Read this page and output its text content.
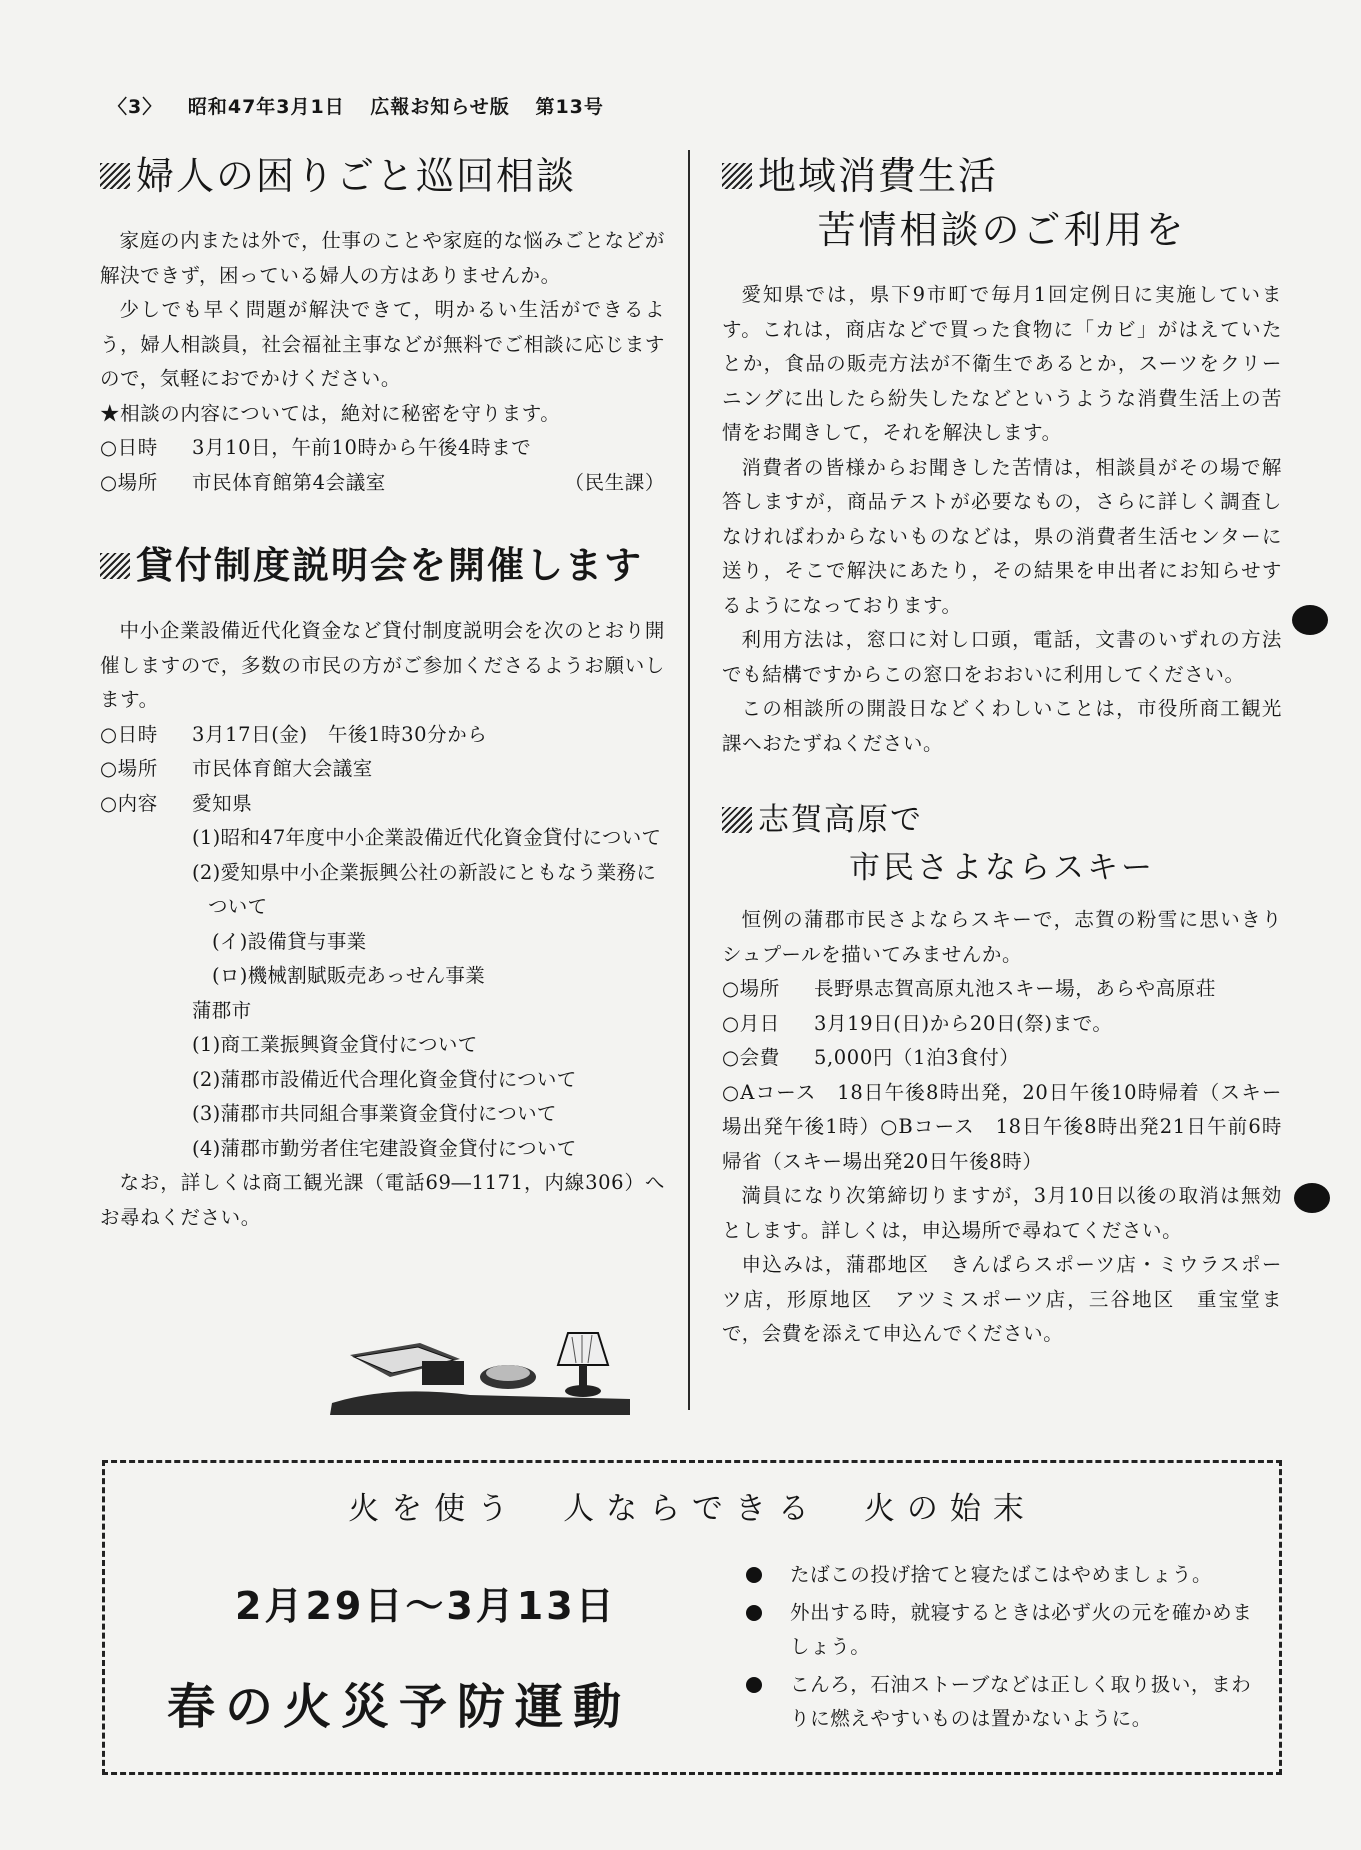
〈3〉 昭和47年3月1日 広報お知らせ版 第13号
婦人の困りごと巡回相談

家庭の内または外で，仕事のことや家庭的な悩みごとなどが解決できず，困っている婦人の方はありませんか。

少しでも早く問題が解決できて，明かるい生活ができるよう，婦人相談員，社会福祉主事などが無料でご相談に応じますので，気軽におでかけください。

★相談の内容については，絶対に秘密を守ります。

○日時	3月10日，午前10時から午後4時まで
○場所	市民体育館第4会議室	（民生課）
貸付制度説明会を開催します

中小企業設備近代化資金など貸付制度説明会を次のとおり開催しますので，多数の市民の方がご参加くださるようお願いします。

○日時	3月17日(金)　午後1時30分から
○場所	市民体育館大会議室
○内容	愛知県
(1)昭和47年度中小企業設備近代化資金貸付について
(2)愛知県中小企業振興公社の新設にともなう業務について
(イ)設備貸与事業
(ロ)機械割賦販売あっせん事業
蒲郡市
(1)商工業振興資金貸付について
(2)蒲郡市設備近代合理化資金貸付について
(3)蒲郡市共同組合事業資金貸付について
(4)蒲郡市勤労者住宅建設資金貸付について

なお，詳しくは商工観光課（電話69―1171，内線306）へお尋ねください。

地域消費生活
苦情相談のご利用を

愛知県では，県下9市町で毎月1回定例日に実施しています。これは，商店などで買った食物に「カビ」がはえていたとか，食品の販売方法が不衛生であるとか，スーツをクリーニングに出したら紛失したなどというような消費生活上の苦情をお聞きして，それを解決します。

消費者の皆様からお聞きした苦情は，相談員がその場で解答しますが，商品テストが必要なもの，さらに詳しく調査しなければわからないものなどは，県の消費者生活センターに送り，そこで解決にあたり，その結果を申出者にお知らせするようになっております。

利用方法は，窓口に対し口頭，電話，文書のいずれの方法でも結構ですからこの窓口をおおいに利用してください。

この相談所の開設日などくわしいことは，市役所商工観光課へおたずねください。

志賀高原で
市民さよならスキー

恒例の蒲郡市民さよならスキーで，志賀の粉雪に思いきりシュプールを描いてみませんか。

○場所	長野県志賀高原丸池スキー場，あらや高原荘
○月日	3月19日(日)から20日(祭)まで。
○会費	5,000円（1泊3食付）

○Aコース　18日午後8時出発，20日午後10時帰着（スキー場出発午後1時）○Bコース　18日午後8時出発21日午前6時帰省（スキー場出発20日午後8時）

満員になり次第締切りますが，3月10日以後の取消は無効とします。詳しくは，申込場所で尋ねてください。

申込みは，蒲郡地区　きんぱらスポーツ店・ミウラスポーツ店，形原地区　アツミスポーツ店，三谷地区　重宝堂まで，会費を添えて申込んでください。

火を使う　人ならできる　火の始末
2月29日～3月13日
春の火災予防運動
たばこの投げ捨てと寝たばこはやめましょう。
外出する時，就寝するときは必ず火の元を確かめましょう。
こんろ，石油ストーブなどは正しく取り扱い，まわりに燃えやすいものは置かないように。
